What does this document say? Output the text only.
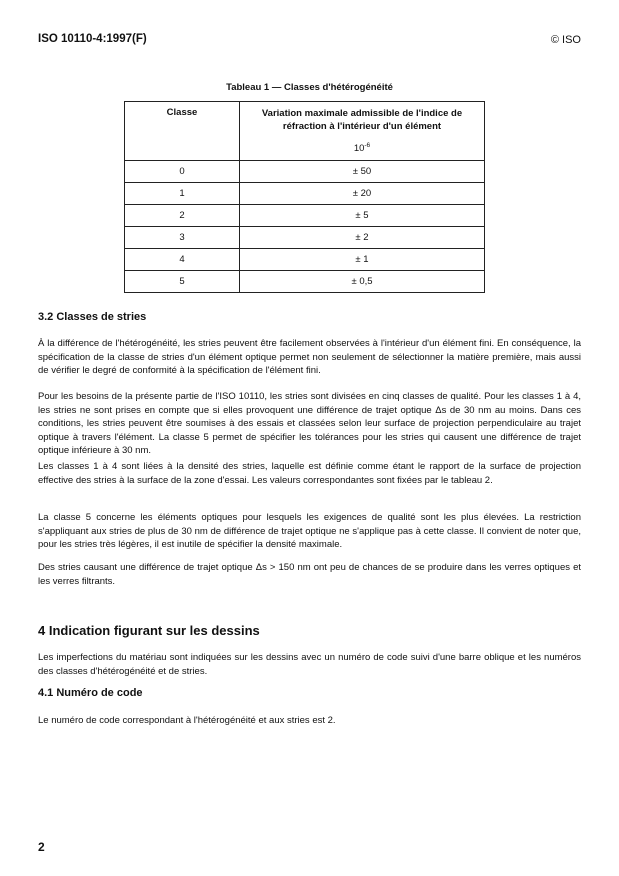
ISO 10110-4:1997(F)	© ISO
Tableau 1 — Classes d'hétérogénéité
Classe	Variation maximale admissible de l'indice de réfraction à l'intérieur d'un élément
$10^{-6}$

0	± 50
1	± 20
2	± 5
3	± 2
4	± 1
5	± 0,5
3.2 Classes de stries
À la différence de l'hétérogénéité, les stries peuvent être facilement observées à l'intérieur d'un élément fini. En conséquence, la spécification de la classe de stries d'un élément optique permet non seulement de sélectionner la matière première, mais aussi de vérifier le degré de conformité à la spécification de l'élément fini.
Pour les besoins de la présente partie de l'ISO 10110, les stries sont divisées en cinq classes de qualité. Pour les classes 1 à 4, les stries ne sont prises en compte que si elles provoquent une différence de trajet optique Δs de 30 nm au moins. Dans ces conditions, les stries peuvent être soumises à des essais et classées selon leur surface de projection perpendiculaire au trajet optique à travers l'élément. La classe 5 permet de spécifier les tolérances pour les stries qui causent une différence de trajet optique inférieure à 30 nm.
Les classes 1 à 4 sont liées à la densité des stries, laquelle est définie comme étant le rapport de la surface de projection effective des stries à la surface de la zone d'essai. Les valeurs correspondantes sont fixées par le tableau 2.
La classe 5 concerne les éléments optiques pour lesquels les exigences de qualité sont les plus élevées. La restriction s'appliquant aux stries de plus de 30 nm de différence de trajet optique ne s'applique pas à cette classe. Il convient de noter que, pour les stries très légères, il est inutile de spécifier la densité maximale.
Des stries causant une différence de trajet optique Δs > 150 nm ont peu de chances de se produire dans les verres optiques et les verres filtrants.
4 Indication figurant sur les dessins
Les imperfections du matériau sont indiquées sur les dessins avec un numéro de code suivi d'une barre oblique et les numéros des classes d'hétérogénéité et de stries.
4.1 Numéro de code
Le numéro de code correspondant à l'hétérogénéité et aux stries est 2.
2
